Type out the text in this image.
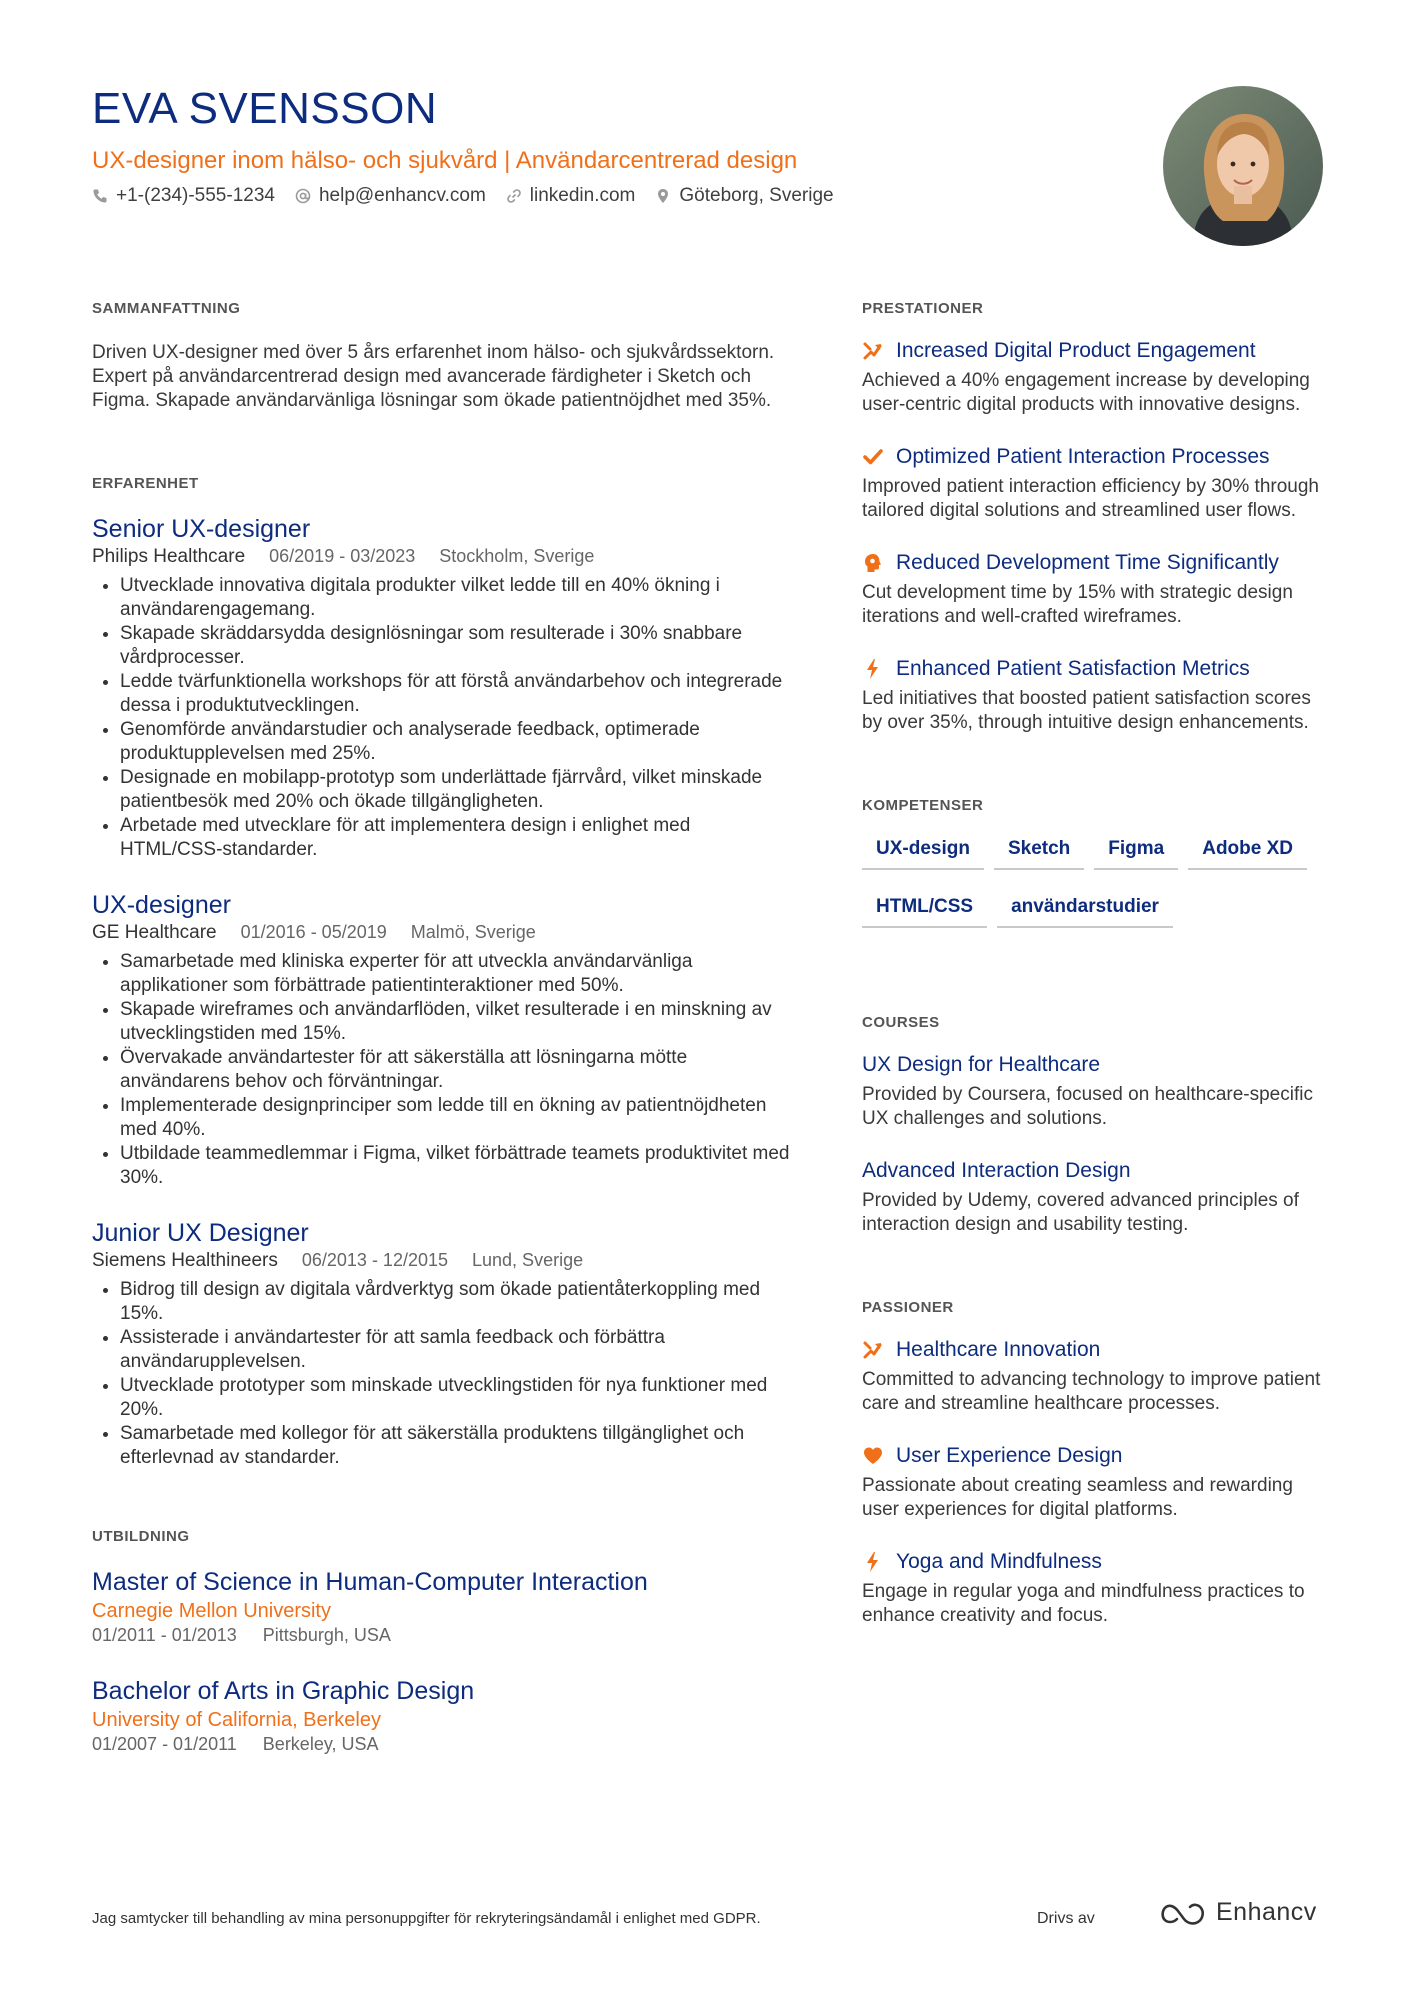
EVA SVENSSON
UX-designer inom hälso- och sjukvård | Användarcentrerad design
+1-(234)-555-1234 help@enhancv.com linkedin.com Göteborg, Sverige
SAMMANFATTNING

Driven UX-designer med över 5 års erfarenhet inom hälso- och sjukvårdssektorn. Expert på användarcentrerad design med avancerade färdigheter i Sketch och Figma. Skapade användarvänliga lösningar som ökade patientnöjdhet med 35%.

ERFARENHET
Senior UX-designer
Philips Healthcare 06/2019 - 03/2023 Stockholm, Sverige
• Utvecklade innovativa digitala produkter vilket ledde till en 40% ökning i användarengagemang.
• Skapade skräddarsydda designlösningar som resulterade i 30% snabbare vårdprocesser.
• Ledde tvärfunktionella workshops för att förstå användarbehov och integrerade dessa i produktutvecklingen.
• Genomförde användarstudier och analyserade feedback, optimerade produktupplevelsen med 25%.
• Designade en mobilapp-prototyp som underlättade fjärrvård, vilket minskade patientbesök med 20% och ökade tillgängligheten.
• Arbetade med utvecklare för att implementera design i enlighet med HTML/CSS-standarder.
UX-designer
GE Healthcare 01/2016 - 05/2019 Malmö, Sverige
• Samarbetade med kliniska experter för att utveckla användarvänliga applikationer som förbättrade patientinteraktioner med 50%.
• Skapade wireframes och användarflöden, vilket resulterade i en minskning av utvecklingstiden med 15%.
• Övervakade användartester för att säkerställa att lösningarna mötte användarens behov och förväntningar.
• Implementerade designprinciper som ledde till en ökning av patientnöjdheten med 40%.
• Utbildade teammedlemmar i Figma, vilket förbättrade teamets produktivitet med 30%.
Junior UX Designer
Siemens Healthineers 06/2013 - 12/2015 Lund, Sverige
• Bidrog till design av digitala vårdverktyg som ökade patientåterkoppling med 15%.
• Assisterade i användartester för att samla feedback och förbättra användarupplevelsen.
• Utvecklade prototyper som minskade utvecklingstiden för nya funktioner med 20%.
• Samarbetade med kollegor för att säkerställa produktens tillgänglighet och efterlevnad av standarder.
UTBILDNING
Master of Science in Human-Computer Interaction
Carnegie Mellon University
01/2011 - 01/2013 Pittsburgh, USA
Bachelor of Arts in Graphic Design
University of California, Berkeley
01/2007 - 01/2011 Berkeley, USA
PRESTATIONER
Increased Digital Product Engagement
Achieved a 40% engagement increase by developing user-centric digital products with innovative designs.
Optimized Patient Interaction Processes
Improved patient interaction efficiency by 30% through tailored digital solutions and streamlined user flows.
Reduced Development Time Significantly
Cut development time by 15% with strategic design iterations and well-crafted wireframes.
Enhanced Patient Satisfaction Metrics
Led initiatives that boosted patient satisfaction scores by over 35%, through intuitive design enhancements.
KOMPETENSER
UX-design	Sketch	Figma	Adobe XD
HTML/CSS	användarstudier
COURSES
UX Design for Healthcare
Provided by Coursera, focused on healthcare-specific UX challenges and solutions.
Advanced Interaction Design
Provided by Udemy, covered advanced principles of interaction design and usability testing.
PASSIONER
Healthcare Innovation
Committed to advancing technology to improve patient care and streamline healthcare processes.
User Experience Design
Passionate about creating seamless and rewarding user experiences for digital platforms.
Yoga and Mindfulness
Engage in regular yoga and mindfulness practices to enhance creativity and focus.
Jag samtycker till behandling av mina personuppgifter för rekryteringsändamål i enlighet med GDPR.	Drivs av	Enhancv
